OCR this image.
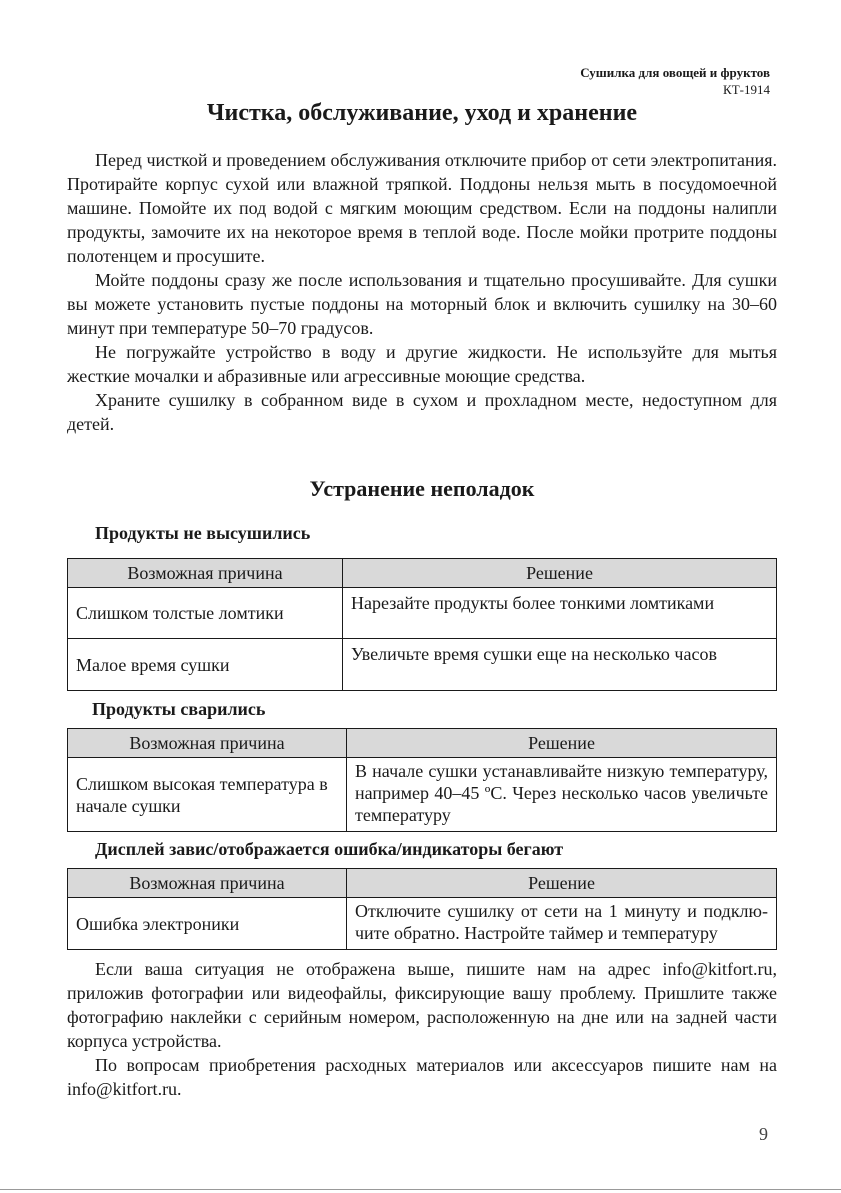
Сушилка для овощей и фруктов
КТ-1914
Чистка, обслуживание, уход и хранение

Перед чисткой и проведением обслуживания отключите прибор от сети электропитания. Протирайте корпус сухой или влажной тряпкой. Поддоны нельзя мыть в посудомоечной машине. Помойте их под водой с мягким моющим средством. Если на поддоны налипли продукты, замочите их на некоторое время в теплой воде. После мойки протрите поддоны полотенцем и просушите.

Мойте поддоны сразу же после использования и тщательно просушивайте. Для сушки вы можете установить пустые поддоны на моторный блок и включить сушилку на 30–60 минут при температуре 50–70 градусов.

Не погружайте устройство в воду и другие жидкости. Не используйте для мытья жесткие мочалки и абразивные или агрессивные моющие средства.

Храните сушилку в собранном виде в сухом и прохладном месте, недоступном для детей.

Устранение неполадок
Продукты не высушились
Возможная причина	Решение
Слишком толстые ломтики	Нарезайте продукты более тонкими ломтиками
Малое время сушки	Увеличьте время сушки еще на несколько часов
Продукты сварились
Возможная причина	Решение
Слишком высокая температура в начале сушки	В начале сушки устанавливайте низкую температуру, например 40–45 ºС. Через несколько часов увеличьте температуру
Дисплей завис/отображается ошибка/индикаторы бегают
Возможная причина	Решение
Ошибка электроники	Отключите сушилку от сети на 1 минуту и подключите обратно. Настройте таймер и температуру

Если ваша ситуация не отображена выше, пишите нам на адрес info@kitfort.ru, приложив фотографии или видеофайлы, фиксирующие вашу проблему. Пришлите также фотографию наклейки с серийным номером, расположенную на дне или на задней части корпуса устройства.

По вопросам приобретения расходных материалов или аксессуаров пишите нам на info@kitfort.ru.

9
